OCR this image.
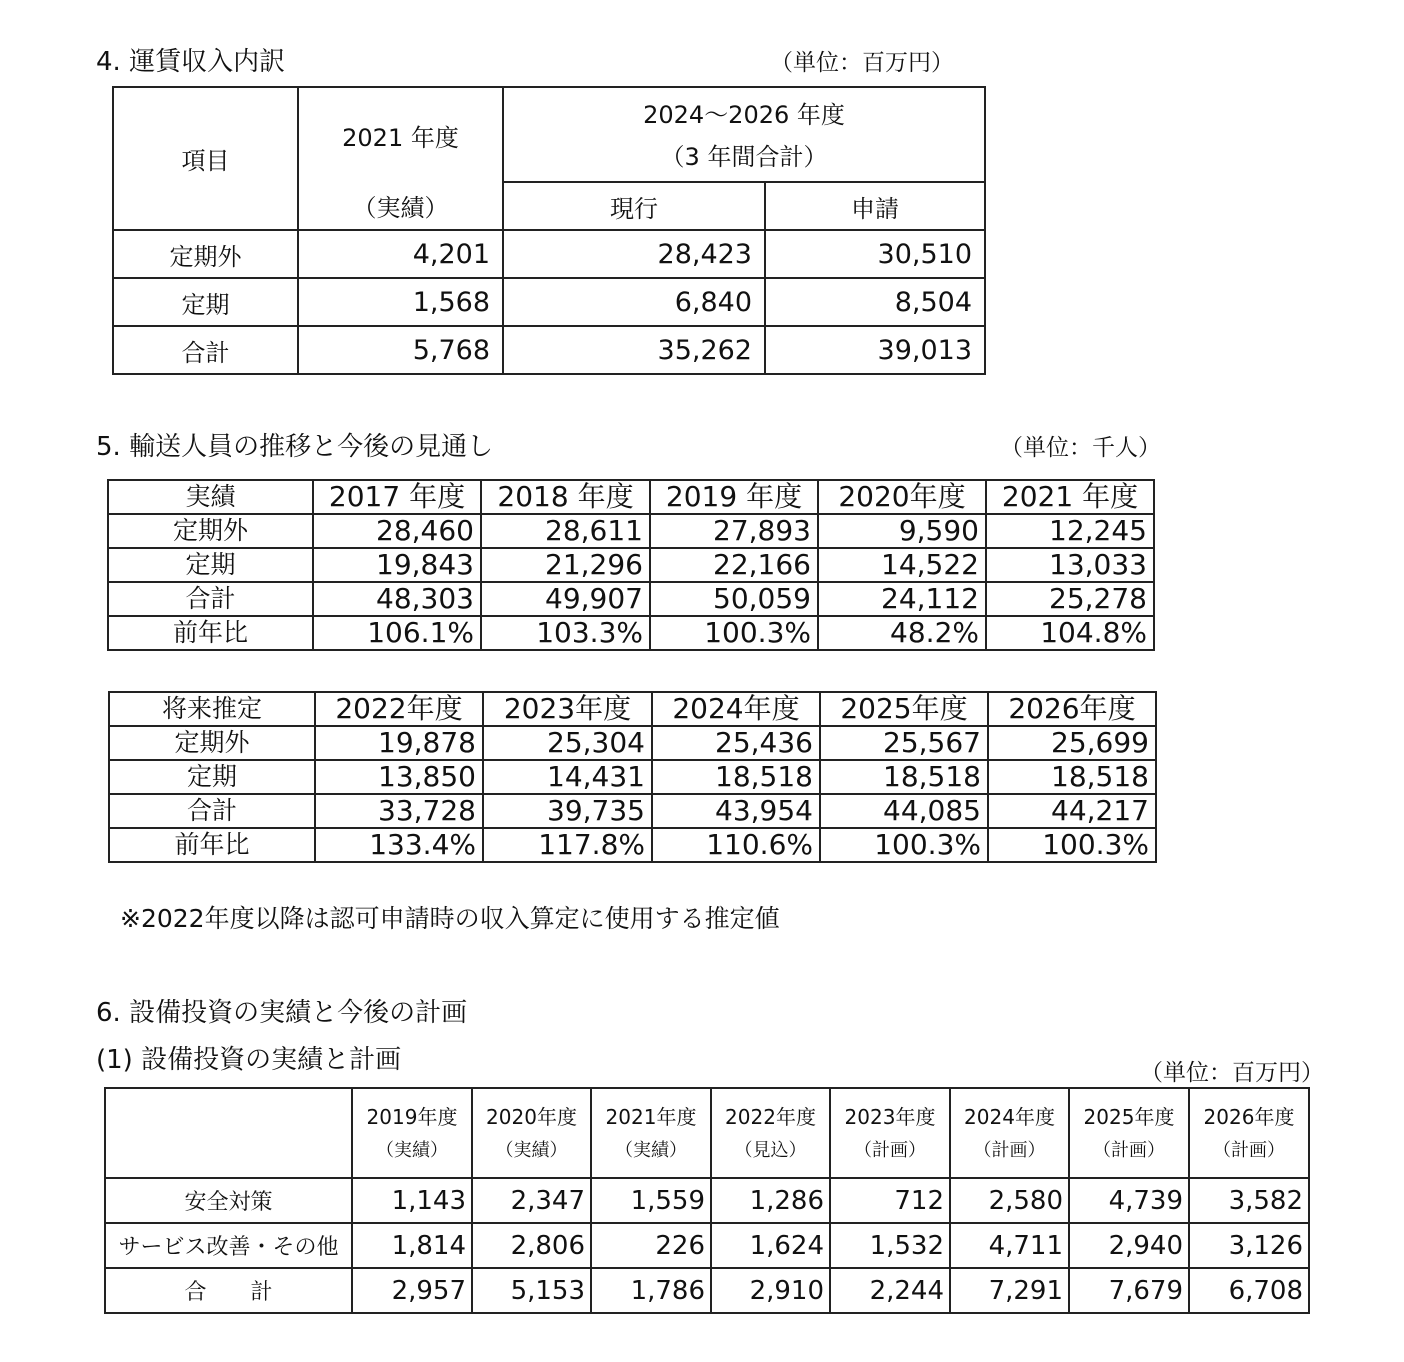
4. 運賃収入内訳	（単位：百万円）
項目	2021 年度	2024～2026 年度
（3 年間合計）	

	（実績）	現行	申請
定期外	4,201	28,423	30,510
定期	1,568	6,840	8,504
合計	5,768	35,262	39,013
5. 輸送人員の推移と今後の見通し	（単位：千人）
実績	2017 年度	2018 年度	2019 年度	2020年度	2021 年度
定期外	28,460	28,611	27,893	9,590	12,245
定期	19,843	21,296	22,166	14,522	13,033
合計	48,303	49,907	50,059	24,112	25,278
前年比	106.1%	103.3%	100.3%	48.2%	104.8%
将来推定	2022年度	2023年度	2024年度	2025年度	2026年度
定期外	19,878	25,304	25,436	25,567	25,699
定期	13,850	14,431	18,518	18,518	18,518
合計	33,728	39,735	43,954	44,085	44,217
前年比	133.4%	117.8%	110.6%	100.3%	100.3%
※2022年度以降は認可申請時の収入算定に使用する推定値
6. 設備投資の実績と今後の計画
(1) 設備投資の実績と計画	（単位：百万円）
	2019年度	2020年度	2021年度	2022年度	2023年度	2024年度	2025年度	2026年度
	（実績）	（実績）	（実績）	（見込）	（計画）	（計画）	（計画）	（計画）
安全対策	1,143	2,347	1,559	1,286	712	2,580	4,739	3,582
サービス改善・その他	1,814	2,806	226	1,624	1,532	4,711	2,940	3,126
合　　計	2,957	5,153	1,786	2,910	2,244	7,291	7,679	6,708
